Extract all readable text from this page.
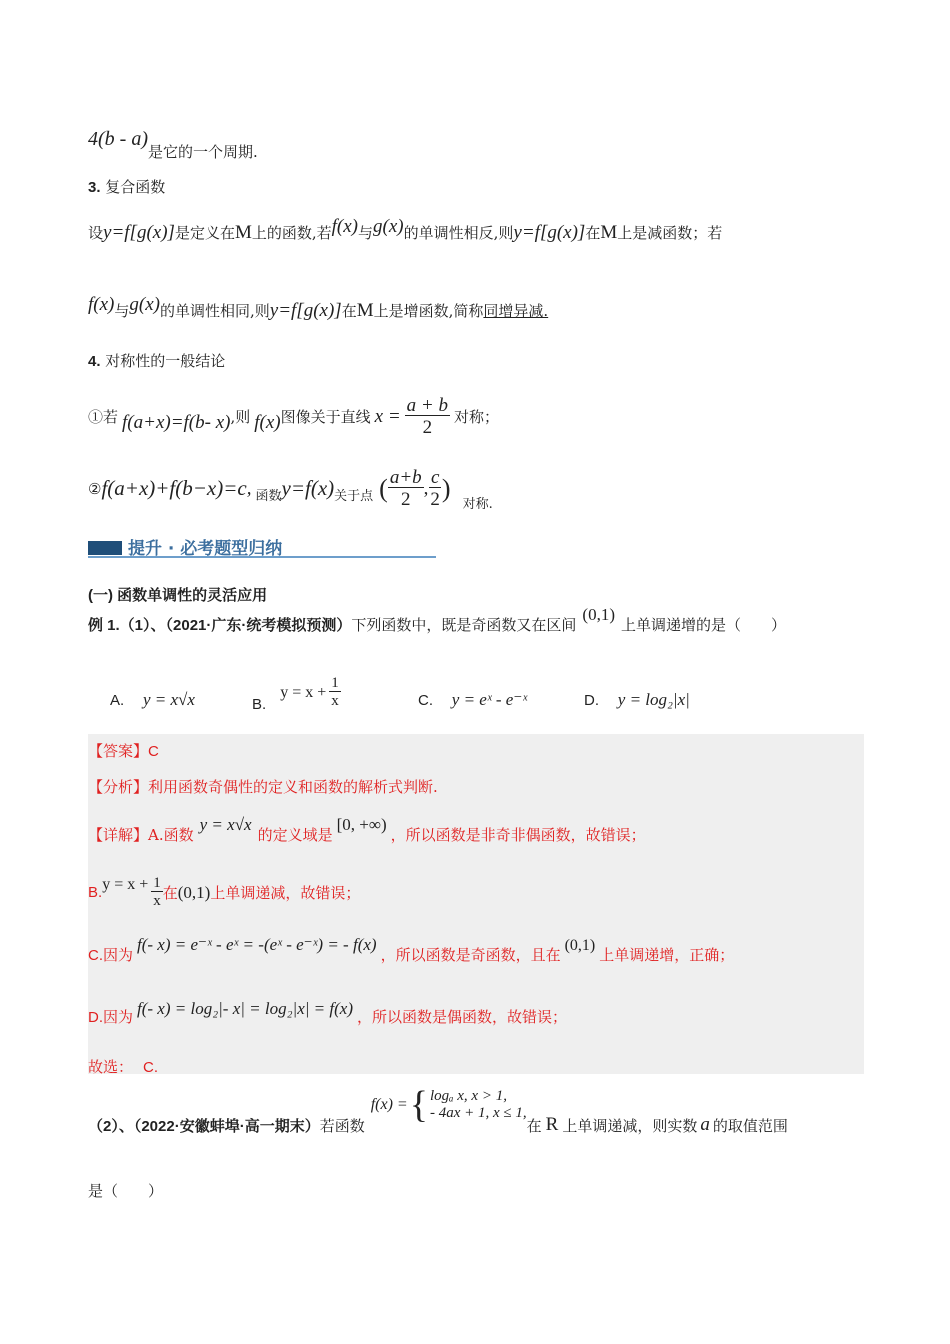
4(b - a)是它的一个周期.
3. 复合函数
设y=f[g(x)]是定义在M上的函数,若f(x)与g(x)的单调性相反,则y=f[g(x)]在M上是减函数；若
f(x)与g(x)的单调性相同,则y=f[g(x)]在M上是增函数,简称同增异减.
4. 对称性的一般结论
①若 f(a+x)=f(b- x) ,则 f(x) 图像关于直线 $x = \frac{a + b}{2}$ 对称；
② f(a+x)+f(b−x)=c , 函数 y=f(x) 关于点 ( $\frac{a+b}{2}$ , $\frac{c}{2}$ )
对称.
提升 · 必考题型归纳
(一) 函数单调性的灵活应用
例 1.（1）、（2021·广东·统考模拟预测）下列函数中，既是奇函数又在区间(0,1)上单调递增的是（　　）
A. y = x√x	B.
$y = x + \frac{1}{x}$	C. y = eˣ - e⁻ˣ	D. y = log₂|x|
【答案】C
【分析】利用函数奇偶性的定义和函数的解析式判断.
【详解】A.函数y = x√x的定义域是[0, +∞)，所以函数是非奇非偶函数，故错误；
B. $y = x + \frac{1}{x}$ 在 (0,1) 上单调递减，故错误；
C.因为f(- x) = e⁻ˣ - eˣ = -(eˣ - e⁻ˣ) = - f(x)，所以函数是奇函数，且在(0,1)上单调递增，正确；
D.因为 f(- x) = log₂|- x| = log₂|x| = f(x) ，所以函数是偶函数，故错误；
故选： C.
（2）、（2022·安徽蚌埠·高一期末） 若函数
f(x) = { logₐ x, x > 1,
- 4ax + 1, x ≤ 1,
在 R 上单调递减，则实数 a 的取值范围
是（　　）
